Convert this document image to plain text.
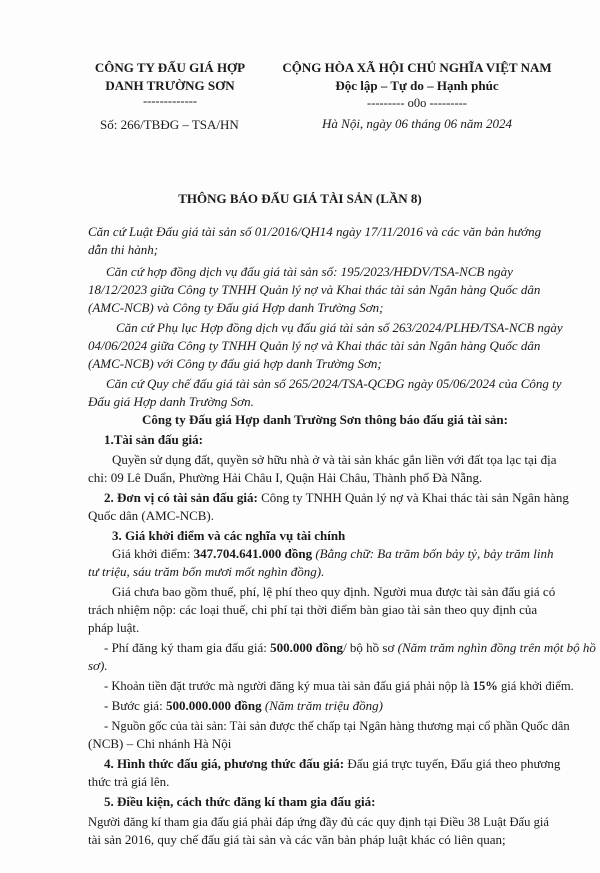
CÔNG TY ĐẤU GIÁ HỢP
DANH TRƯỜNG SƠN
-------------
Số: 266/TBĐG – TSA/HN
CỘNG HÒA XÃ HỘI CHỦ NGHĨA VIỆT NAM
Độc lập – Tự do – Hạnh phúc
--------- o0o ---------
Hà Nội, ngày 06 tháng 06 năm 2024
THÔNG BÁO ĐẤU GIÁ TÀI SẢN (LẦN 8)
Căn cứ Luật Đấu giá tài sản số 01/2016/QH14 ngày 17/11/2016 và các văn bản hướng
dẫn thi hành;
Căn cứ hợp đồng dịch vụ đấu giá tài sản số: 195/2023/HĐDV/TSA-NCB ngày
18/12/2023 giữa Công ty TNHH Quản lý nợ và Khai thác tài sản Ngân hàng Quốc dân
(AMC-NCB) và Công ty Đấu giá Hợp danh Trường Sơn;
Căn cứ Phụ lục Hợp đồng dịch vụ đấu giá tài sản số 263/2024/PLHĐ/TSA-NCB ngày
04/06/2024 giữa Công ty TNHH Quản lý nợ và Khai thác tài sản Ngân hàng Quốc dân
(AMC-NCB) với Công ty đấu giá hợp danh Trường Sơn;
Căn cứ Quy chế đấu giá tài sản số 265/2024/TSA-QCĐG ngày 05/06/2024 của Công ty
Đấu giá Hợp danh Trường Sơn.
Công ty Đấu giá Hợp danh Trường Sơn thông báo đấu giá tài sản:
1.Tài sản đấu giá:
Quyền sử dụng đất, quyền sở hữu nhà ở và tài sản khác gắn liền với đất tọa lạc tại địa
chỉ: 09 Lê Duẩn, Phường Hải Châu I, Quận Hải Châu, Thành phố Đà Nẵng.
2. Đơn vị có tài sản đấu giá: Công ty TNHH Quản lý nợ và Khai thác tài sản Ngân hàng
Quốc dân (AMC-NCB).
3. Giá khởi điểm và các nghĩa vụ tài chính
Giá khởi điểm: 347.704.641.000 đồng (Bằng chữ: Ba trăm bốn bảy tỷ, bảy trăm linh
tư triệu, sáu trăm bốn mươi mốt nghìn đồng).
Giá chưa bao gồm thuế, phí, lệ phí theo quy định. Người mua được tài sản đấu giá có
trách nhiệm nộp: các loại thuế, chi phí tại thời điểm bàn giao tài sản theo quy định của
pháp luật.
- Phí đăng ký tham gia đấu giá: 500.000 đồng/ bộ hồ sơ (Năm trăm nghìn đồng trên một bộ hồ
sơ).
- Khoản tiền đặt trước mà người đăng ký mua tài sản đấu giá phải nộp là 15% giá khởi điểm.
- Bước giá: 500.000.000 đồng (Năm trăm triệu đồng)
- Nguồn gốc của tài sản: Tài sản được thế chấp tại Ngân hàng thương mại cổ phần Quốc dân
(NCB) – Chi nhánh Hà Nội
4. Hình thức đấu giá, phương thức đấu giá: Đấu giá trực tuyến, Đấu giá theo phương
thức trả giá lên.
5. Điều kiện, cách thức đăng kí tham gia đấu giá:
Người đăng kí tham gia đấu giá phải đáp ứng đầy đủ các quy định tại Điều 38 Luật Đấu giá
tài sản 2016, quy chế đấu giá tài sản và các văn bản pháp luật khác có liên quan;
